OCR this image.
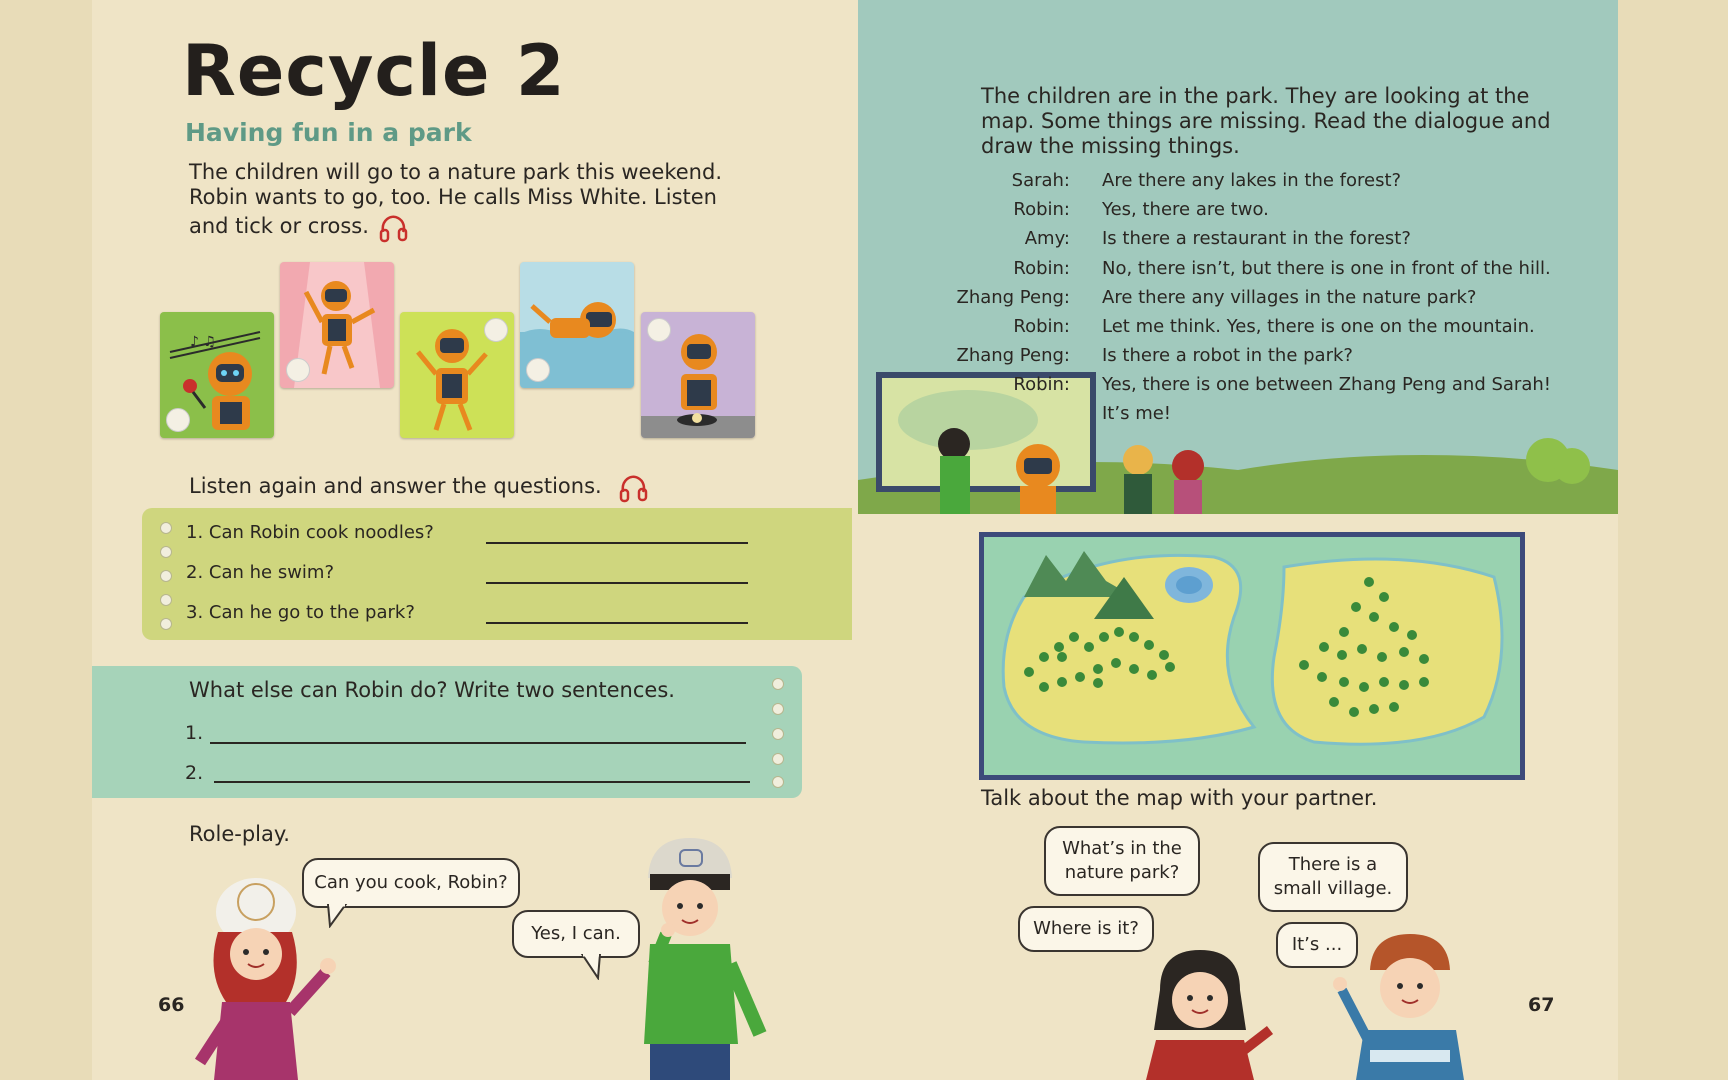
Recycle 2
Having fun in a park
The children will go to a nature park this weekend. Robin wants to go, too. He calls Miss White. Listen and tick or cross.
♪ ♫
Listen again and answer the questions.
1. Can Robin cook noodles?
2. Can he swim?
3. Can he go to the park?
What else can Robin do? Write two sentences.
1.
2.
Role-play.
Can you cook, Robin?
Yes, I can.
66
The children are in the park. They are looking at the map. Some things are missing. Read the dialogue and draw the missing things.
Sarah: Are there any lakes in the forest?
Robin: Yes, there are two.
Amy: Is there a restaurant in the forest?
Robin: No, there isn’t, but there is one in front of the hill.
Zhang Peng: Are there any villages in the nature park?
Robin: Let me think. Yes, there is one on the mountain.
Zhang Peng: Is there a robot in the park?
Robin: Yes, there is one between Zhang Peng and Sarah!
It’s me!
Talk about the map with your partner.
What’s in the nature park?	There is a small village.
Where is it?
It’s ...
67
